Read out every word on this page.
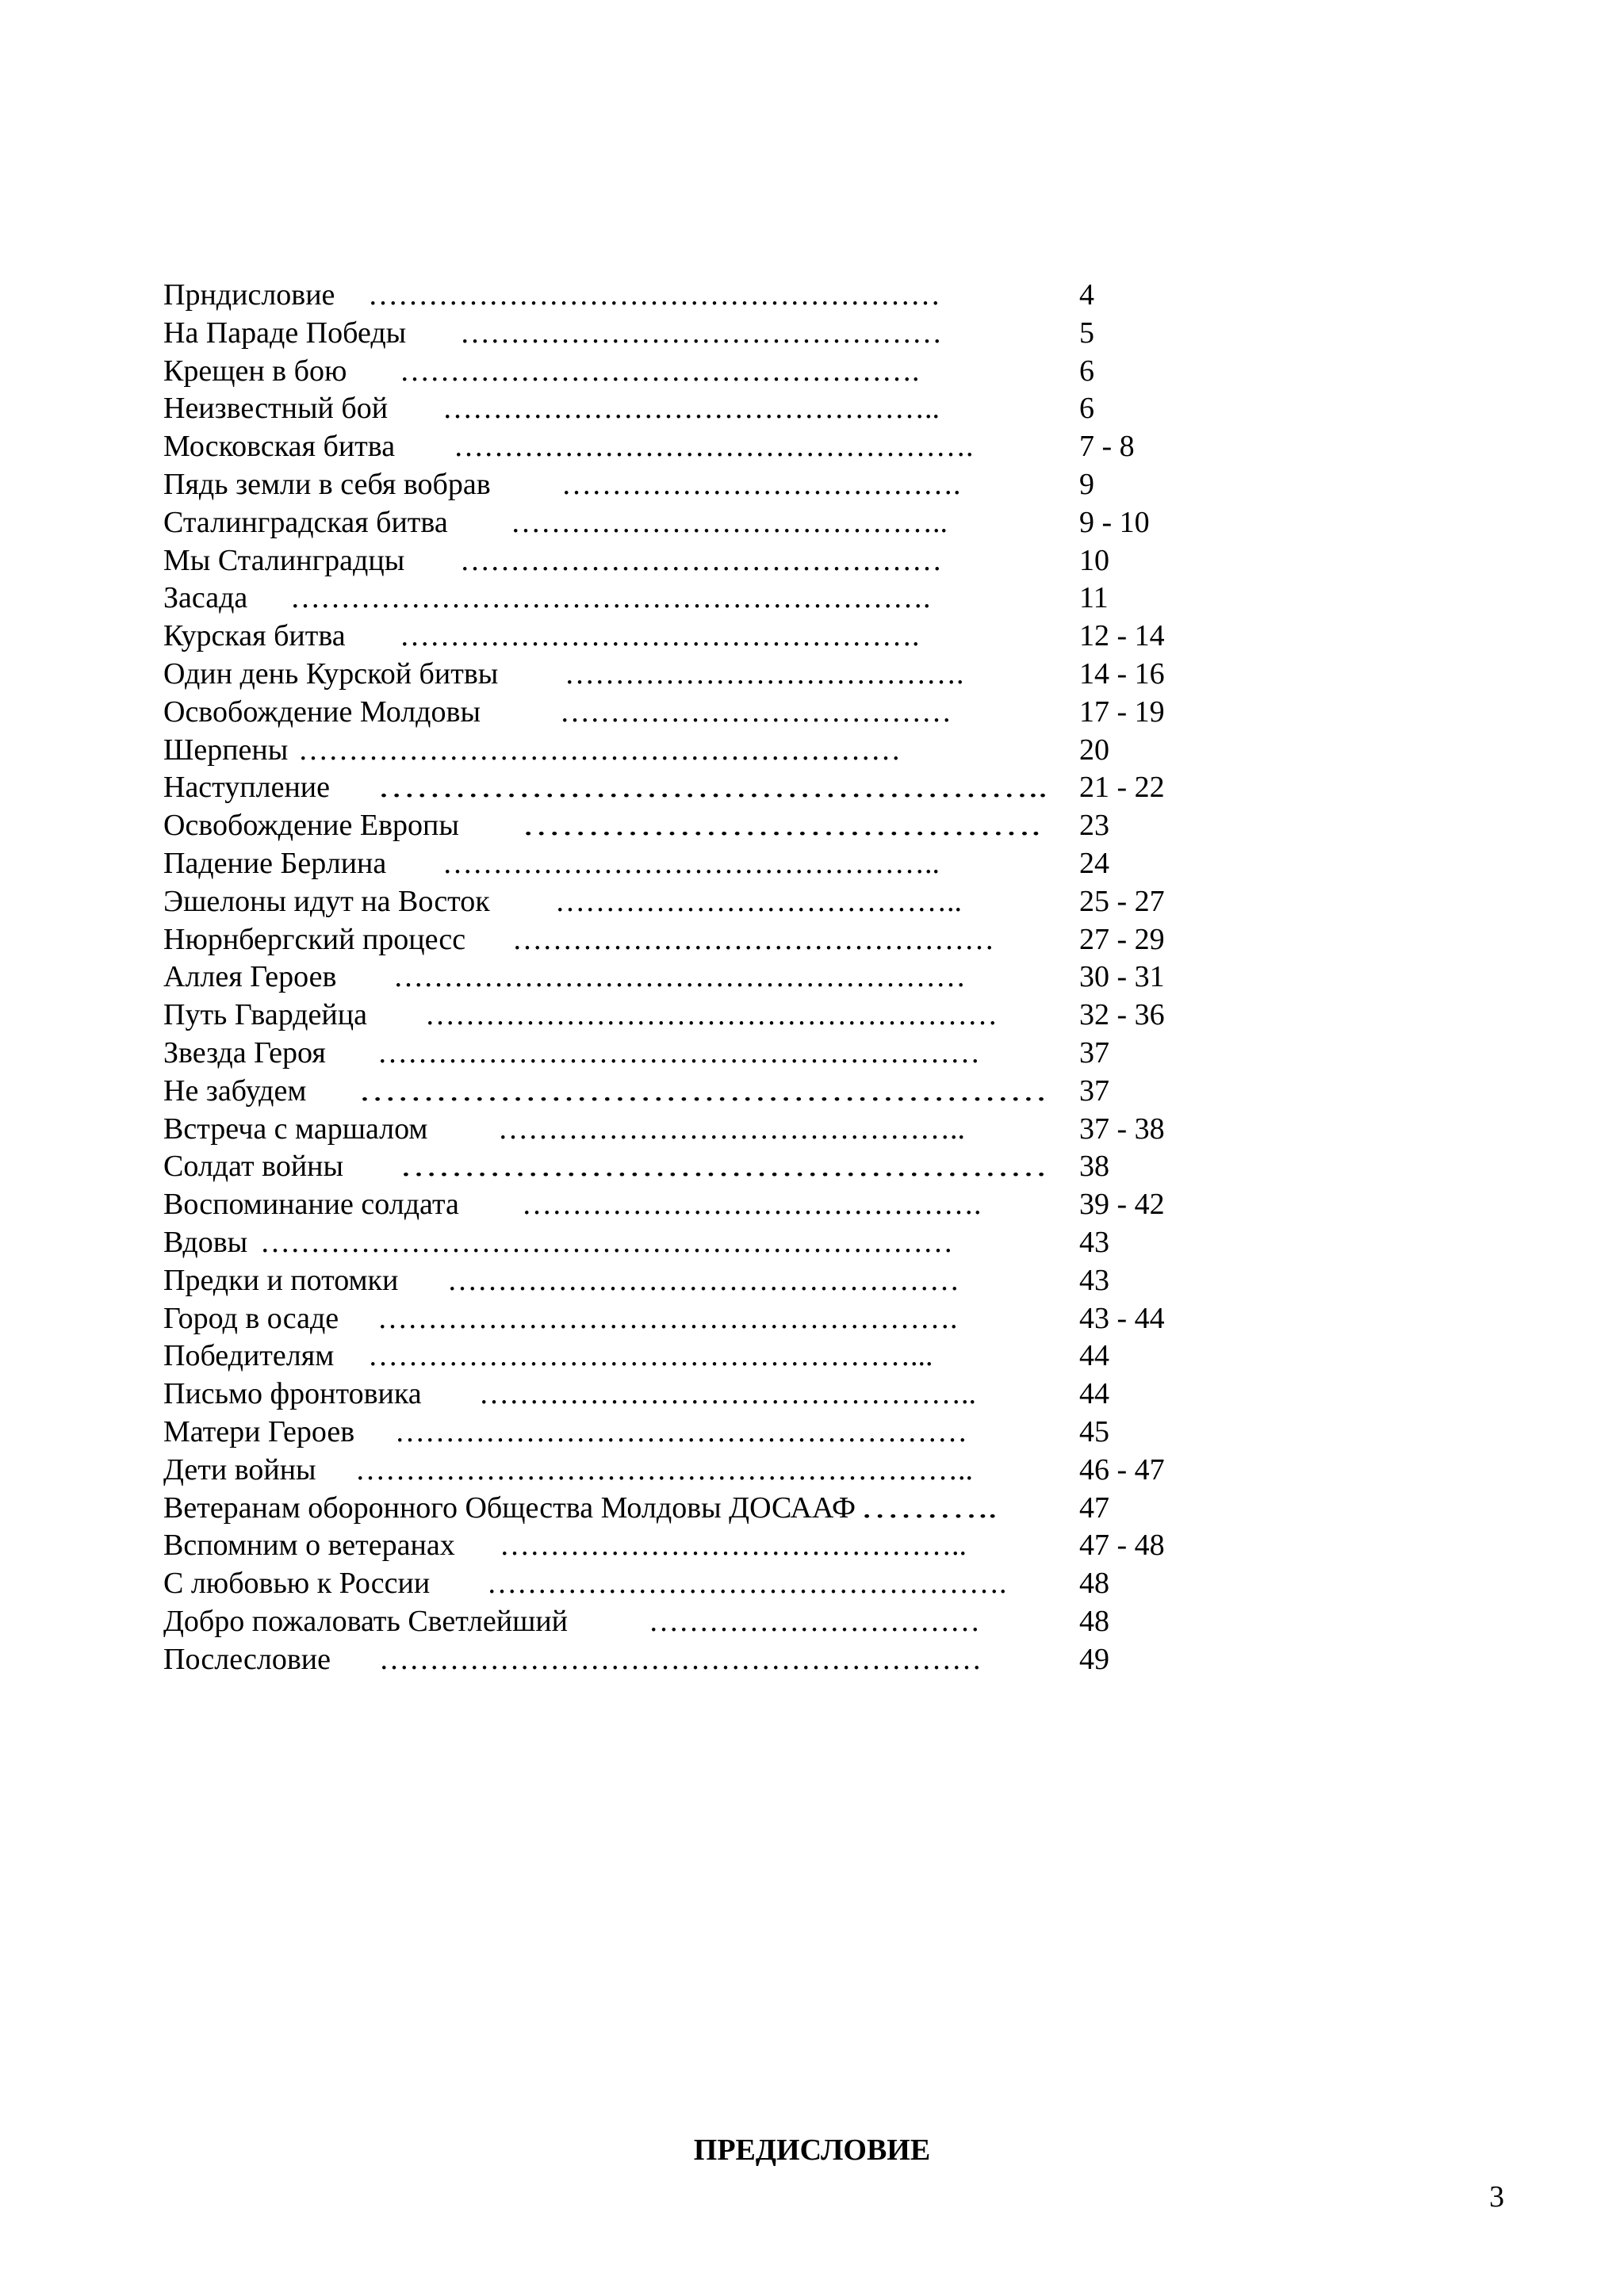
Прндисловие …………………………………………………	4
На Параде Победы …………………………………………	5
Крещен в бою …………………………………………….	6
Неизвестный бой …………………………………………..	6
Московская битва …………………………………………….	7 - 8
Пядь земли в себя вобрав ………………………………….	9
Сталинградская битва ……………………………………..	9 - 10
Мы Сталинградцы …………………………………………	10
Засада ……………………………………………………….	11
Курская битва …………………………………………….	12 - 14
Один день Курской битвы ………………………………….	14 - 16
Освобождение Молдовы	…………………………………	17 - 19
Шерпены ……………………………………………………	20
Наступление …………………………………………….. 21 - 22
Освобождение Европы …………………………………. 23
Падение Берлина …………………………………………..	24
Эшелоны идут на Восток …………………………………..	25 - 27
Нюрнбергский процесс …………………………………………	27 - 29
Аллея Героев …………………………………………………	30 - 31
Путь Гвардейца …………………………………………………	32 - 36
Звезда Героя ……………………………………………………	37
Не забудем ……………………………………………… 37
Встреча с маршалом ………………………………………..	37 - 38
Солдат войны …………………………………………… 38
Воспоминание солдата ……………………………………….	39 - 42
Вдовы ……………………………………………………………	43
Предки и потомки ……………………………………………	43
Город в осаде ………………………………………………….	43 - 44
Победителям ………………………………………………...	44
Письмо фронтовика …………………………………………..	44
Матери Героев …………………………………………………	45
Дети войны ……………………………………………………..	46 - 47
Ветеранам оборонного Общества Молдовы ДОСААФ ………..	47
Вспомним о ветеранах ………………………………………..	47 - 48
С любовью к России ……………………………………………. 48
Добро пожаловать Светлейший	……………………………	48
Послесловие ……………………………………………………	49
ПРЕДИСЛОВИЕ
3
